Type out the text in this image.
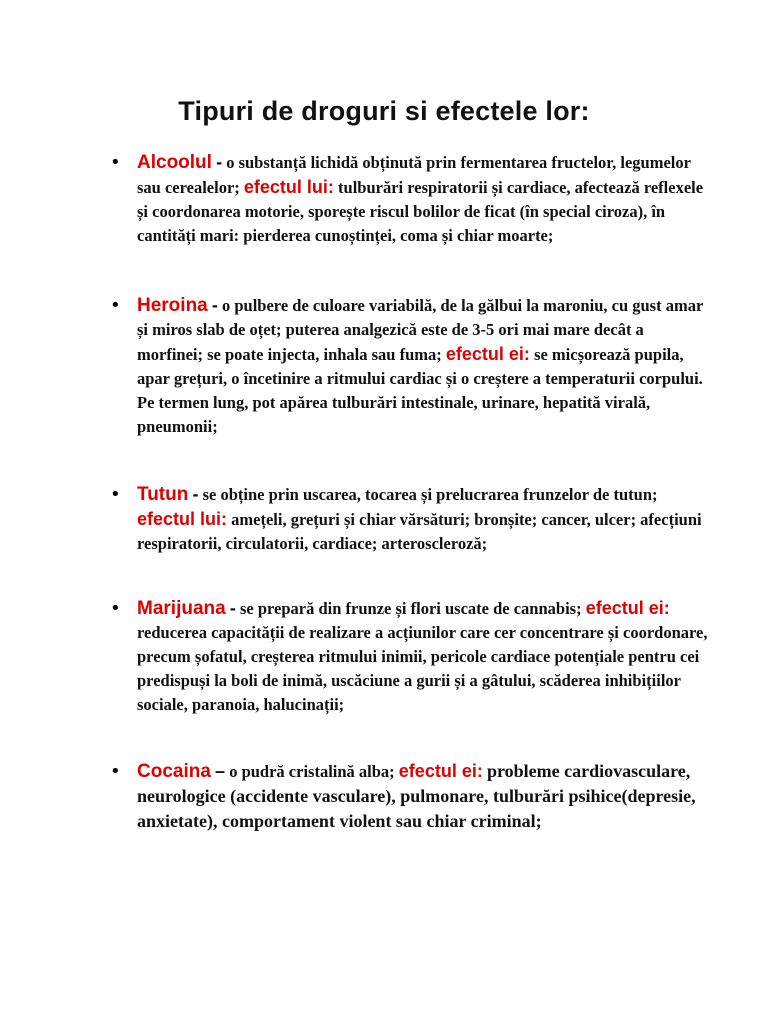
Tipuri de droguri si efectele lor:
• Alcoolul - o substanță lichidă obținută prin fermentarea fructelor, legumelor sau cerealelor; efectul lui: tulburări respiratorii și cardiace, afectează reflexele și coordonarea motorie, sporește riscul bolilor de ficat (în special ciroza), în cantități mari: pierderea cunoștinței, coma și chiar moarte;
• Heroina - o pulbere de culoare variabilă, de la gălbui la maroniu, cu gust amar și miros slab de oțet; puterea analgezică este de 3-5 ori mai mare decât a morfinei; se poate injecta, inhala sau fuma; efectul ei: se micșorează pupila, apar grețuri, o încetinire a ritmului cardiac și o creștere a temperaturii corpului. Pe termen lung, pot apărea tulburări intestinale, urinare, hepatită virală, pneumonii;
• Tutun - se obține prin uscarea, tocarea și prelucrarea frunzelor de tutun; efectul lui: amețeli, grețuri și chiar vărsături; bronșite; cancer, ulcer; afecțiuni respiratorii, circulatorii, cardiace; arteroscleroză;
• Marijuana - se prepară din frunze și flori uscate de cannabis; efectul ei: reducerea capacității de realizare a acțiunilor care cer concentrare și coordonare, precum șofatul, creșterea ritmului inimii, pericole cardiace potențiale pentru cei predispuși la boli de inimă, uscăciune a gurii și a gâtului, scăderea inhibițiilor sociale, paranoia, halucinații;
• Cocaina – o pudră cristalină alba; efectul ei: probleme cardiovasculare, neurologice (accidente vasculare), pulmonare, tulburări psihice(depresie, anxietate), comportament violent sau chiar criminal;
